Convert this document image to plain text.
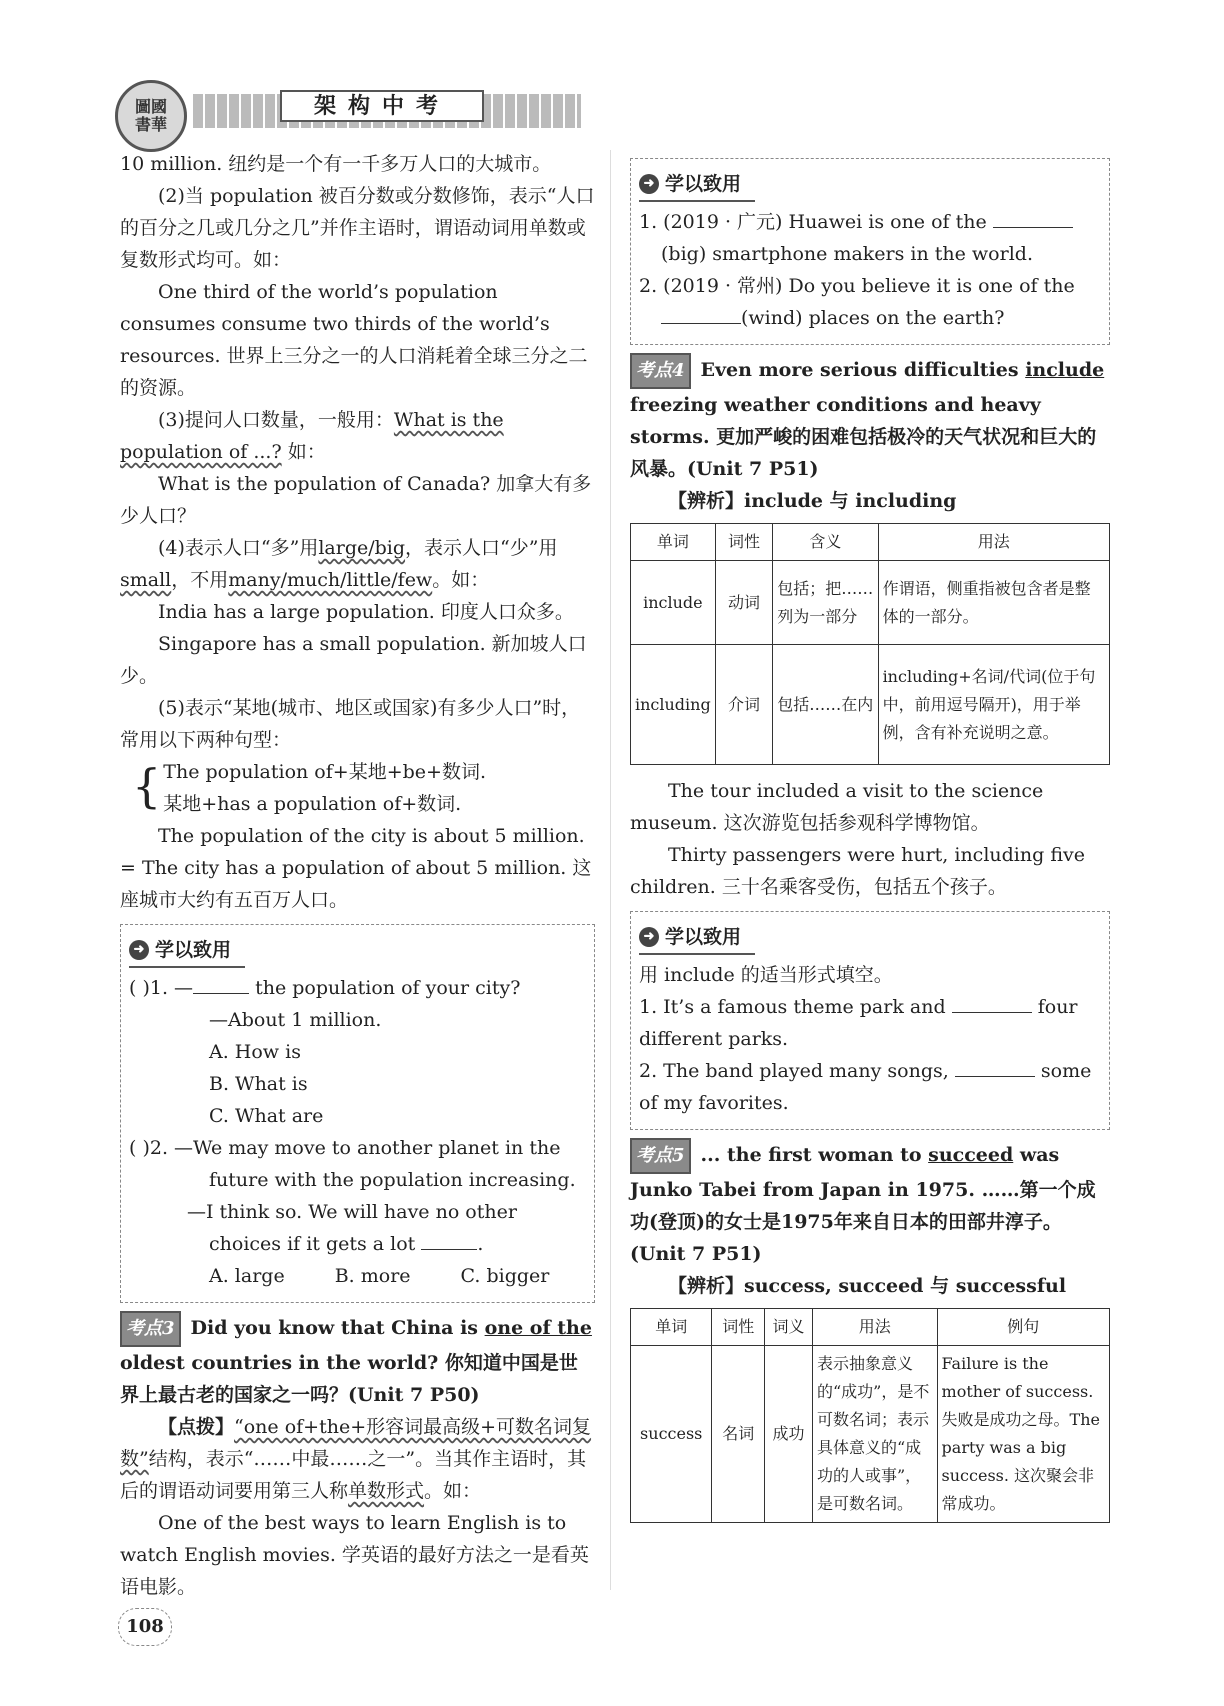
圖國書華
架构中考

10 million. 纽约是一个有一千多万人口的大城市。

(2)当 population 被百分数或分数修饰，表示“人口的百分之几或几分之几”并作主语时，谓语动词用单数或复数形式均可。如：

One third of the world’s population consumes consume two thirds of the world’s resources. 世界上三分之一的人口消耗着全球三分之二的资源。

(3)提问人口数量，一般用：What is the population of ...? 如：

What is the population of Canada? 加拿大有多少人口？

(4)表示人口“多”用large/big，表示人口“少”用small，不用many/much/little/few。如：

India has a large population. 印度人口众多。

Singapore has a small population. 新加坡人口少。

(5)表示“某地(城市、地区或国家)有多少人口”时，常用以下两种句型：

{ The population of+某地+be+数词.

某地+has a population of+数词.

The population of the city is about 5 million. = The city has a population of about 5 million. 这座城市大约有五百万人口。

➜ 学以致用

( )1. —	the population of your city?

—About 1 million.

A. How is

B. What is

C. What are

( )2. —We may move to another planet in the future with the population increasing.

—I think so. We will have no other choices if it gets a lot	.

A. large	B. more	C. bigger

考点3 Did you know that China is one of the oldest countries in the world? 你知道中国是世界上最古老的国家之一吗？(Unit 7 P50)

【点拨】“one of+the+形容词最高级+可数名词复数”结构，表示“……中最……之一”。当其作主语时，其后的谓语动词要用第三人称单数形式。如：

One of the best ways to learn English is to watch English movies. 学英语的最好方法之一是看英语电影。

➜ 学以致用

1. (2019 · 广元) Huawei is one of the

(big) smartphone makers in the world.

2. (2019 · 常州) Do you believe it is one of the

(wind) places on the earth?

考点4 Even more serious difficulties include freezing weather conditions and heavy storms. 更加严峻的困难包括极冷的天气状况和巨大的风暴。(Unit 7 P51)

【辨析】include 与 including

单词	词性	含义	用法
include	动词	包括；把……列为一部分	作谓语，侧重指被包含者是整体的一部分。
including	介词	包括……在内	including+名词/代词(位于句中，前用逗号隔开)，用于举例，含有补充说明之意。

The tour included a visit to the science museum. 这次游览包括参观科学博物馆。

Thirty passengers were hurt, including five children. 三十名乘客受伤，包括五个孩子。

➜ 学以致用

用 include 的适当形式填空。

1. It’s a famous theme park and	four different parks.

2. The band played many songs,	some of my favorites.

考点5 ... the first woman to succeed was Junko Tabei from Japan in 1975. ……第一个成功(登顶)的女士是1975年来自日本的田部井淳子。(Unit 7 P51)

【辨析】success, succeed 与 successful

单词	词性	词义	用法	例句
success	名词	成功	表示抽象意义的“成功”，是不可数名词；表示具体意义的“成功的人或事”，是可数名词。	Failure is the mother of success. 失败是成功之母。The party was a big success. 这次聚会非常成功。
108
